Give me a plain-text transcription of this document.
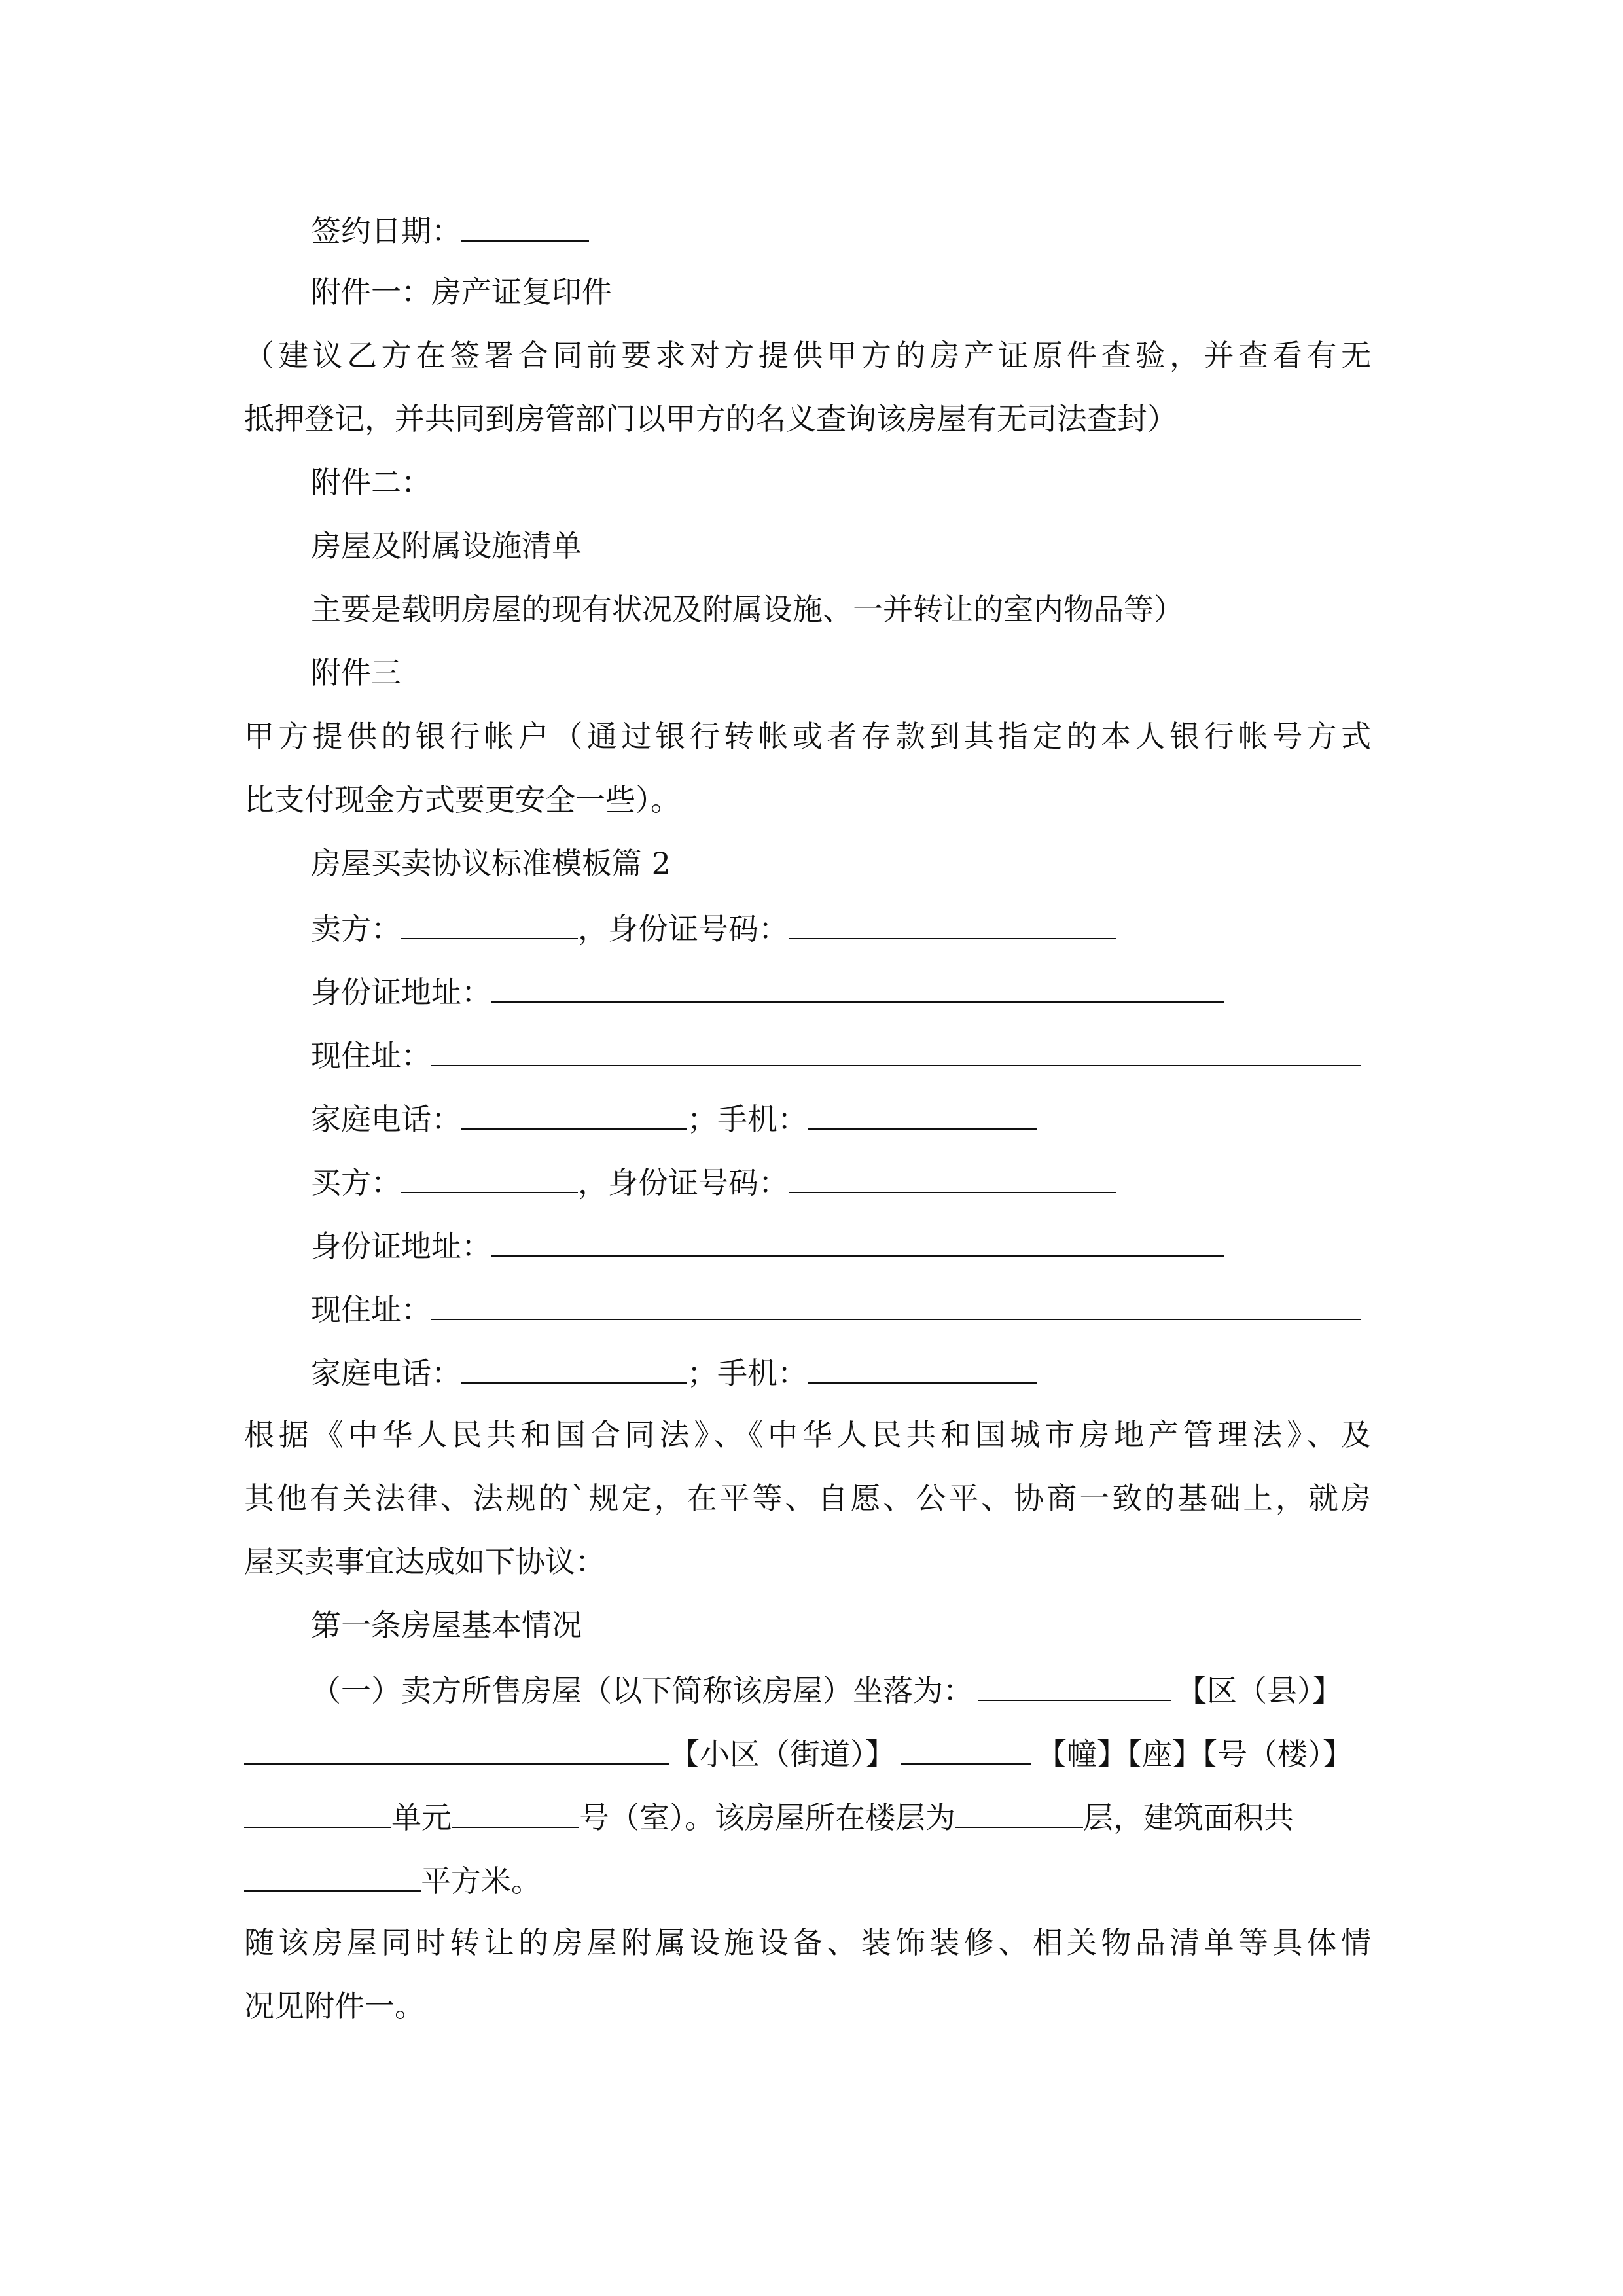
签约日期：
附件一：房产证复印件
（建议乙方在签署合同前要求对方提供甲方的房产证原件查验，并查看有无
抵押登记，并共同到房管部门以甲方的名义查询该房屋有无司法查封）
附件二：
房屋及附属设施清单
主要是载明房屋的现有状况及附属设施、一并转让的室内物品等）
附件三
甲方提供的银行帐户（通过银行转帐或者存款到其指定的本人银行帐号方式
比支付现金方式要更安全一些）。
房屋买卖协议标准模板篇 2
卖方：	，身份证号码：
身份证地址：
现住址：
家庭电话：	；手机：
买方：	，身份证号码：
身份证地址：
现住址：
家庭电话：	；手机：
根据《中华人民共和国合同法》、《中华人民共和国城市房地产管理法》、及
其他有关法律、法规的`规定，在平等、自愿、公平、协商一致的基础上，就房
屋买卖事宜达成如下协议：
第一条房屋基本情况
（一）卖方所售房屋（以下简称该房屋）坐落为：	【区（县）】
【小区（街道）】	【幢】【座】【号（楼）】
单元	号（室）。该房屋所在楼层为	层，建筑面积共
平方米。
随该房屋同时转让的房屋附属设施设备、装饰装修、相关物品清单等具体情
况见附件一。
